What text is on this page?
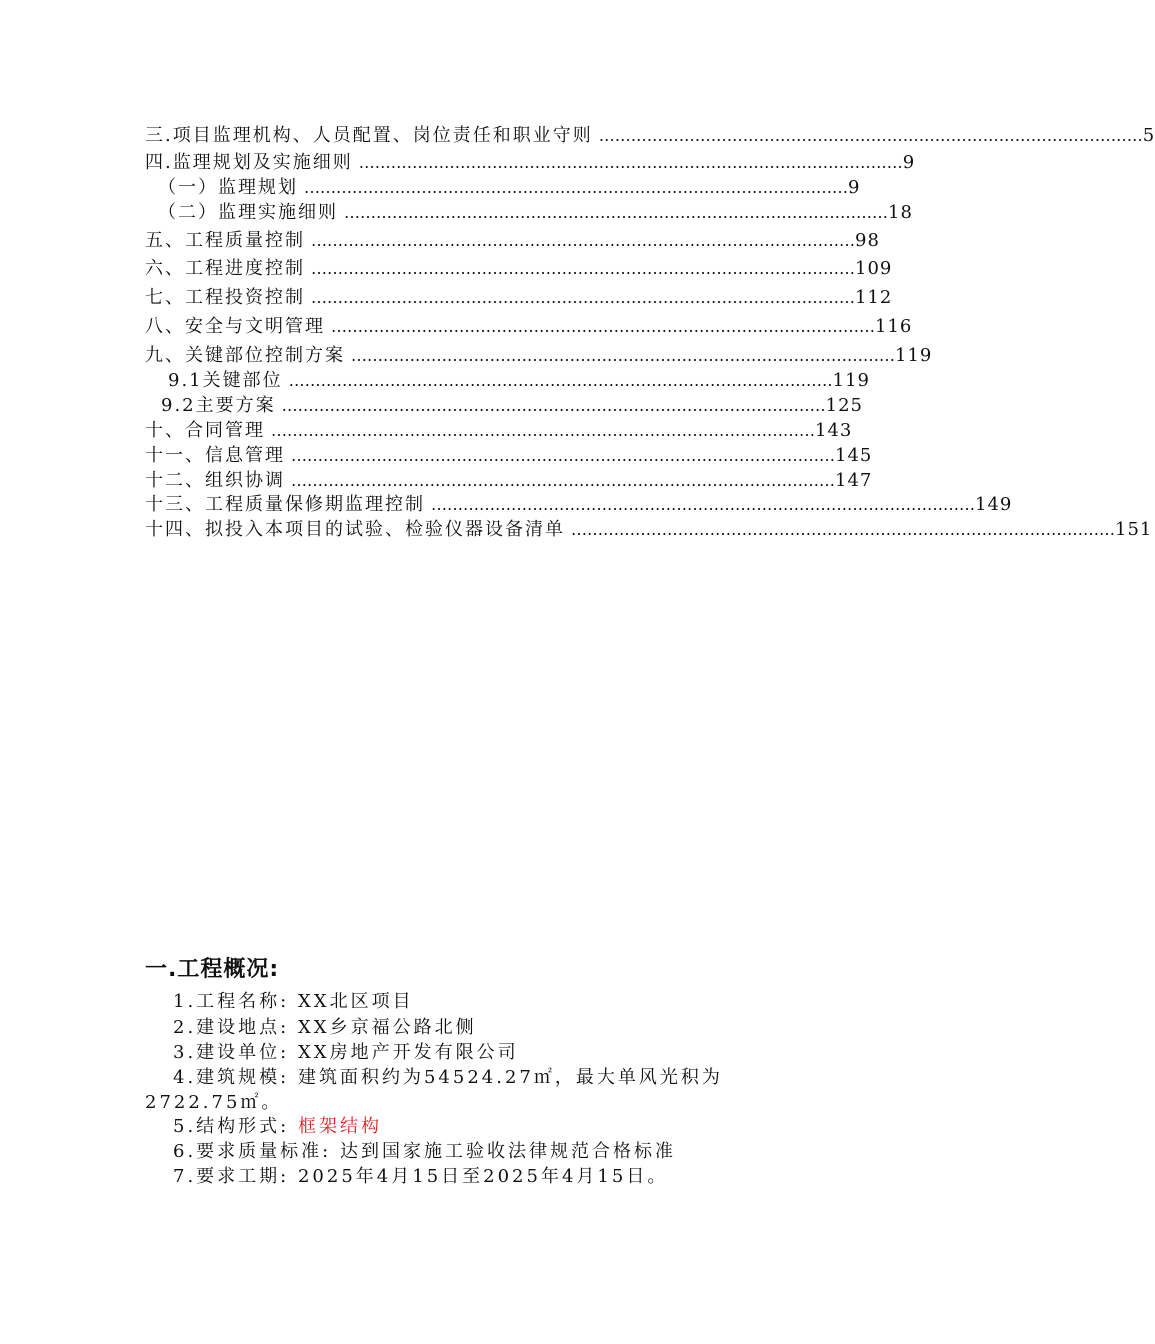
三.项目监理机构、人员配置、岗位责任和职业守则 ………………………………………………………………………………………… 5
四.监理规划及实施细则 ………………………………………………………………………………………… 9
（一）监理规划 ………………………………………………………………………………………… 9
（二）监理实施细则 ………………………………………………………………………………………… 18
五、工程质量控制 ………………………………………………………………………………………… 98
六、工程进度控制 ………………………………………………………………………………………… 109
七、工程投资控制 ………………………………………………………………………………………… 112
八、安全与文明管理 ………………………………………………………………………………………… 116
九、关键部位控制方案 ………………………………………………………………………………………… 119
9.1关键部位 ………………………………………………………………………………………… 119
9.2主要方案 ………………………………………………………………………………………… 125
十、合同管理 ………………………………………………………………………………………… 143
十一、信息管理 ………………………………………………………………………………………… 145
十二、组织协调 ………………………………………………………………………………………… 147
十三、工程质量保修期监理控制 ………………………………………………………………………………………… 149
十四、拟投入本项目的试验、检验仪器设备清单 ………………………………………………………………………………………… 151
一.工程概况:
1.工程名称: XX北区项目
2.建设地点: XX乡京福公路北侧
3.建设单位: XX房地产开发有限公司
4.建筑规模: 建筑面积约为54524.27㎡，最大单风光积为
2722.75㎡。
5.结构形式: 框架结构
6.要求质量标准: 达到国家施工验收法律规范合格标准
7.要求工期: 2025年4月15日至2025年4月15日。
